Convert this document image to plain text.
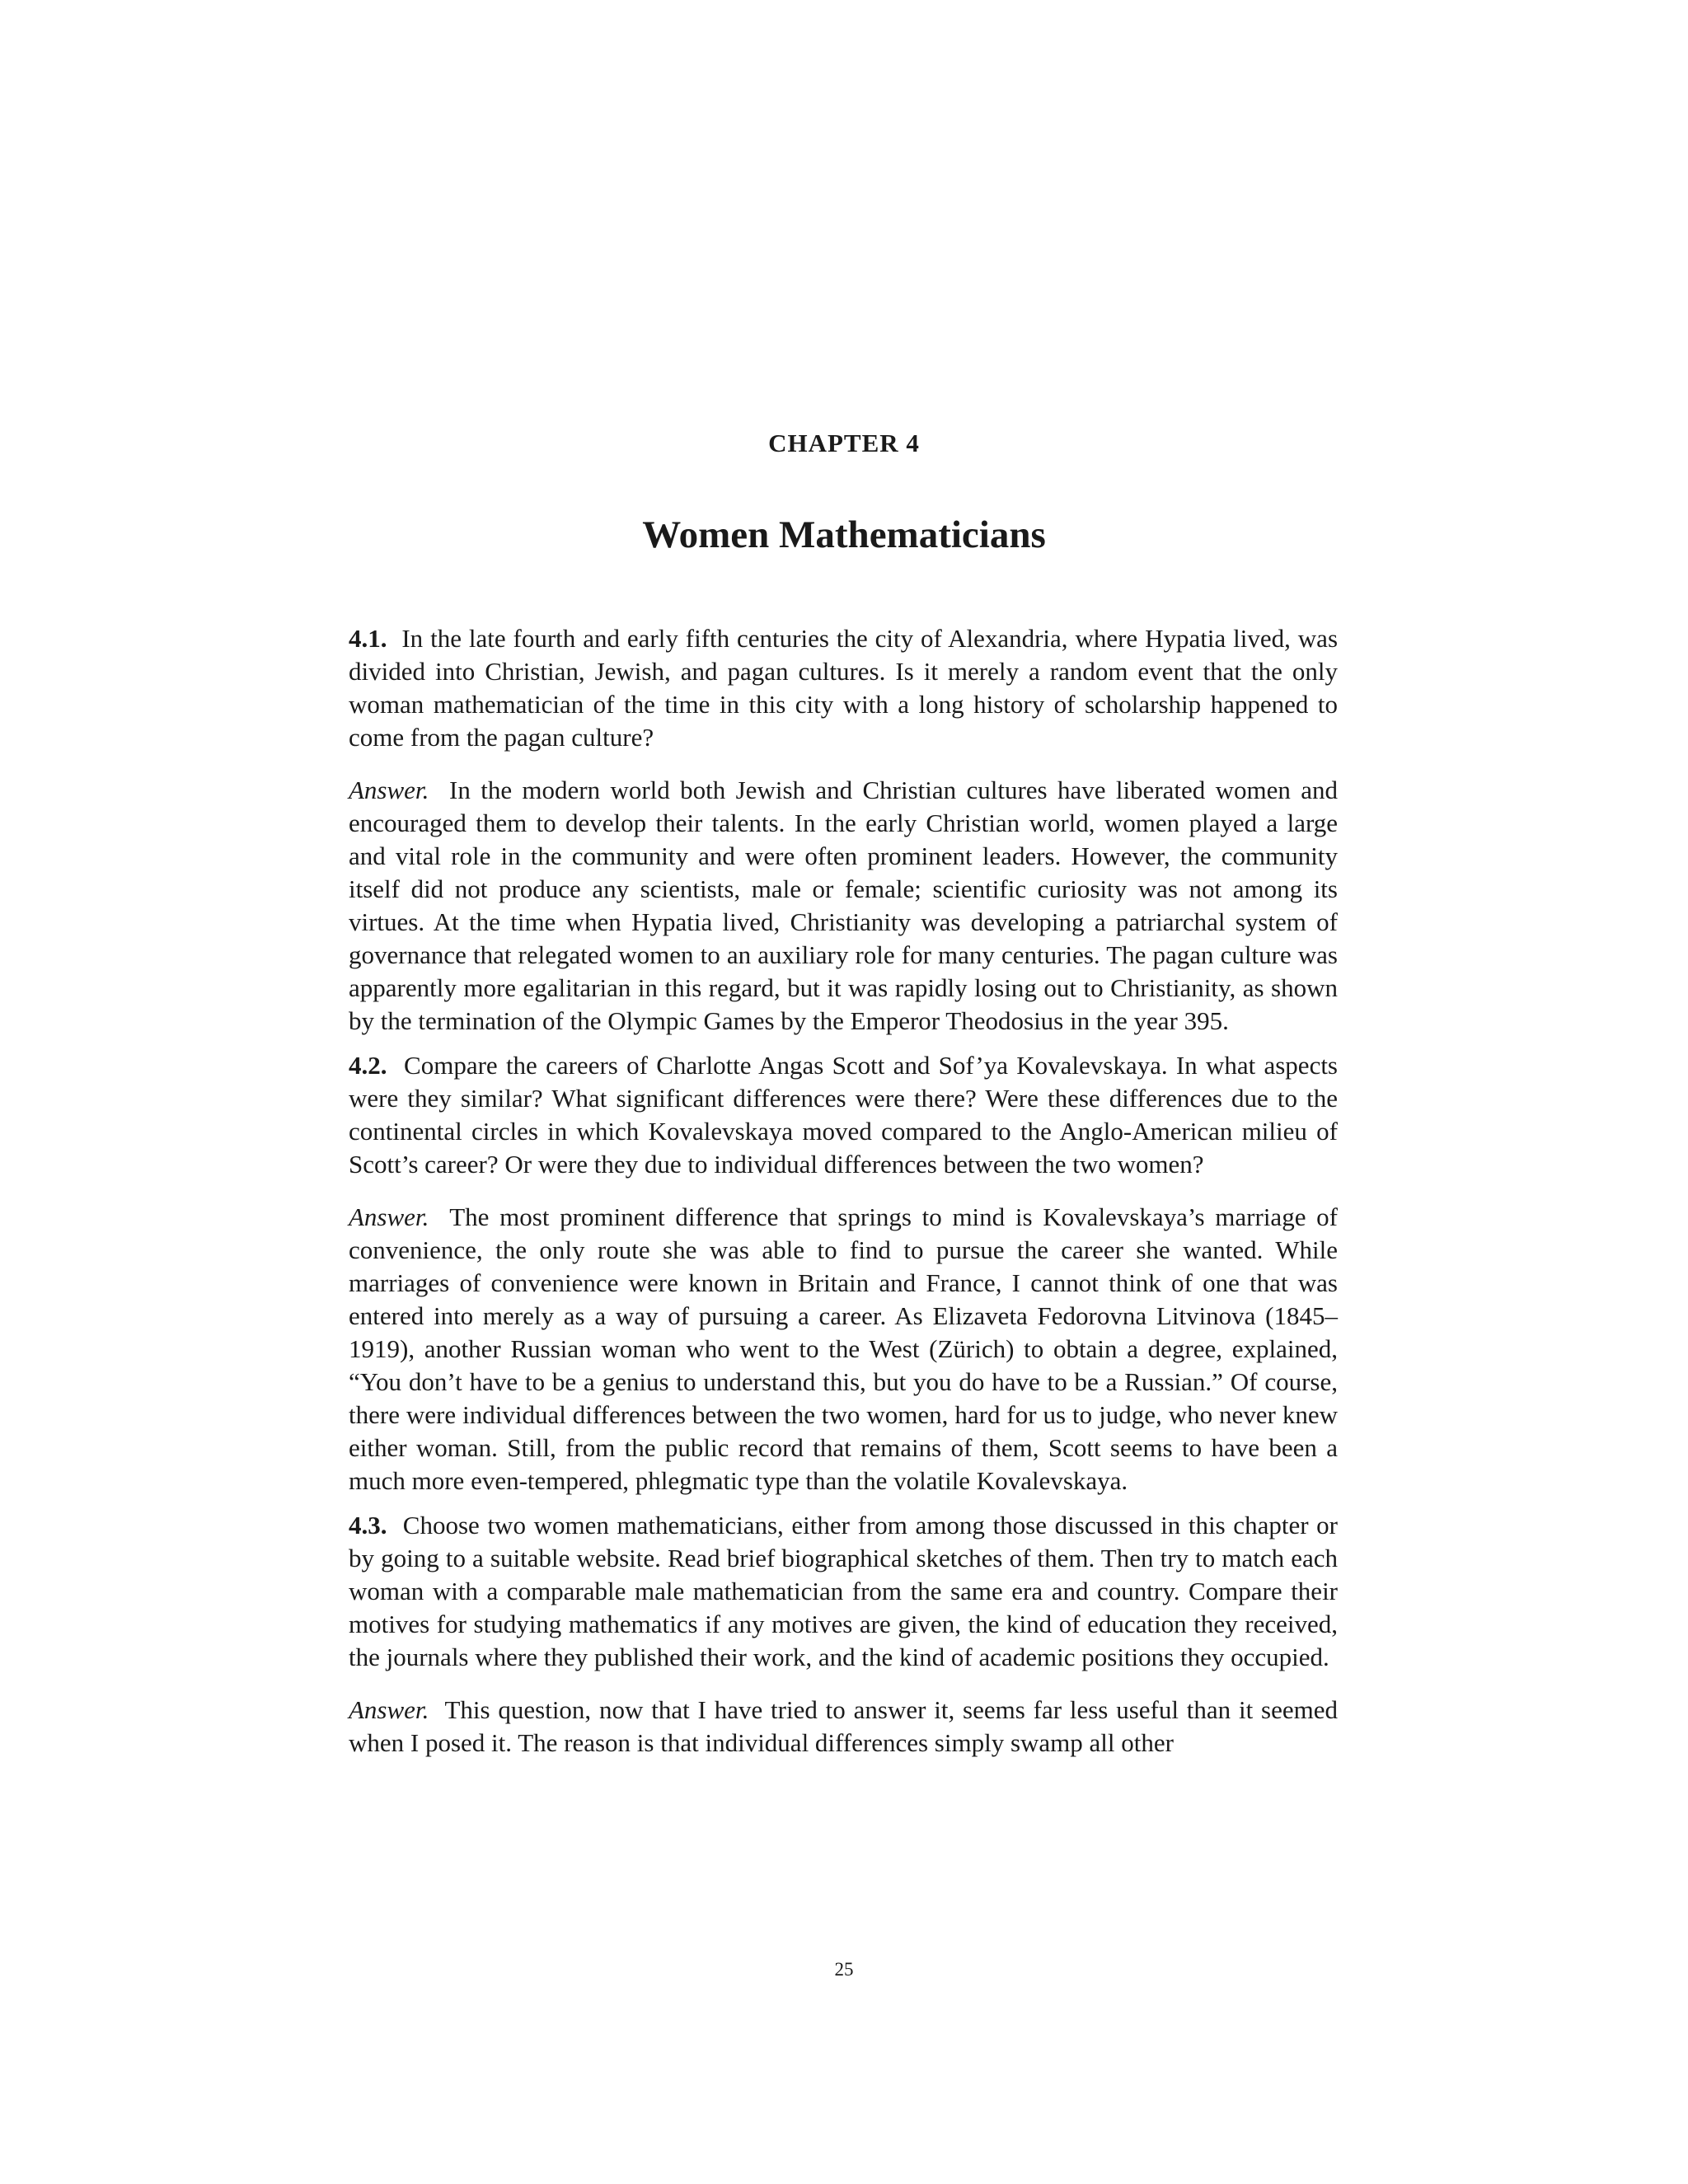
CHAPTER 4
Women Mathematicians

4.1. In the late fourth and early fifth centuries the city of Alexandria, where Hypatia lived, was divided into Christian, Jewish, and pagan cultures. Is it merely a random event that the only woman mathematician of the time in this city with a long history of scholarship happened to come from the pagan culture?

Answer. In the modern world both Jewish and Christian cultures have liberated women and encouraged them to develop their talents. In the early Christian world, women played a large and vital role in the community and were often prominent leaders. However, the community itself did not produce any scientists, male or female; scientific curiosity was not among its virtues. At the time when Hypatia lived, Christianity was developing a patriarchal system of governance that relegated women to an auxiliary role for many centuries. The pagan culture was apparently more egalitarian in this regard, but it was rapidly losing out to Christianity, as shown by the termination of the Olympic Games by the Emperor Theodosius in the year 395.

4.2. Compare the careers of Charlotte Angas Scott and Sof’ya Kovalevskaya. In what aspects were they similar? What significant differences were there? Were these differences due to the continental circles in which Kovalevskaya moved compared to the Anglo-American milieu of Scott’s career? Or were they due to individual differences between the two women?

Answer. The most prominent difference that springs to mind is Kovalevskaya’s marriage of convenience, the only route she was able to find to pursue the career she wanted. While marriages of convenience were known in Britain and France, I cannot think of one that was entered into merely as a way of pursuing a career. As Elizaveta Fedorovna Litvinova (1845–1919), another Russian woman who went to the West (Zürich) to obtain a degree, explained, “You don’t have to be a genius to understand this, but you do have to be a Russian.” Of course, there were individual differences between the two women, hard for us to judge, who never knew either woman. Still, from the public record that remains of them, Scott seems to have been a much more even-tempered, phlegmatic type than the volatile Kovalevskaya.

4.3. Choose two women mathematicians, either from among those discussed in this chapter or by going to a suitable website. Read brief biographical sketches of them. Then try to match each woman with a comparable male mathematician from the same era and country. Compare their motives for studying mathematics if any motives are given, the kind of education they received, the journals where they published their work, and the kind of academic positions they occupied.

Answer. This question, now that I have tried to answer it, seems far less useful than it seemed when I posed it. The reason is that individual differences simply swamp all other

25
